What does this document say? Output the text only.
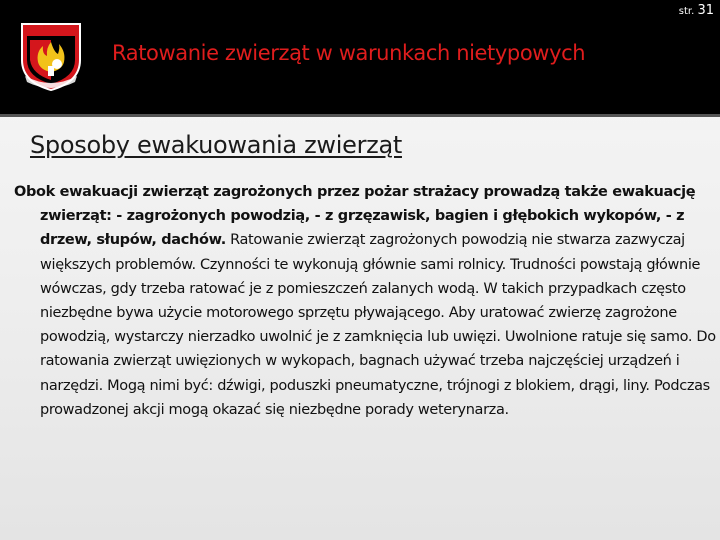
str. 31
Ratowanie zwierząt w warunkach nietypowych
Sposoby ewakuowania zwierząt

Obok ewakuacji zwierząt zagrożonych przez pożar strażacy prowadzą także ewakuację zwierząt: - zagrożonych powodzią, - z grzęzawisk, bagien i głębokich wykopów, - z drzew, słupów, dachów. Ratowanie zwierząt zagrożonych powodzią nie stwarza zazwyczaj większych problemów. Czynności te wykonują głównie sami rolnicy. Trudności powstają głównie wówczas, gdy trzeba ratować je z pomieszczeń zalanych wodą. W takich przypadkach często niezbędne bywa użycie motorowego sprzętu pływającego. Aby uratować zwierzę zagrożone powodzią, wystarczy nierzadko uwolnić je z zamknięcia lub uwięzi. Uwolnione ratuje się samo. Do ratowania zwierząt uwięzionych w wykopach, bagnach używać trzeba najczęściej urządzeń i narzędzi. Mogą nimi być: dźwigi, poduszki pneumatyczne, trójnogi z blokiem, drągi, liny. Podczas prowadzonej akcji mogą okazać się niezbędne porady weterynarza.
